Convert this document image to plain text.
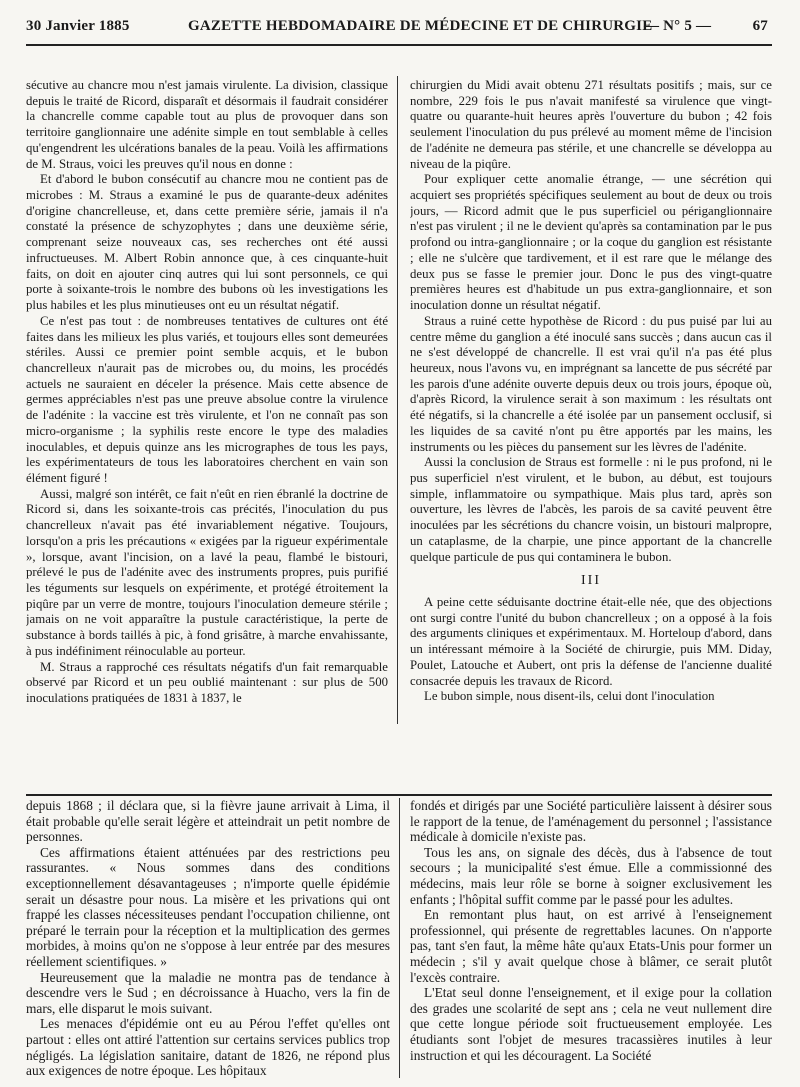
30 Janvier 1885	GAZETTE HEBDOMADAIRE DE MÉDECINE ET DE CHIRURGIE
— N° 5 —	67

sécutive au chancre mou n'est jamais virulente. La division, classique depuis le traité de Ricord, disparaît et désormais il faudrait considérer la chancrelle comme capable tout au plus de provoquer dans son territoire ganglionnaire une adénite simple en tout semblable à celles qu'engendrent les ulcérations banales de la peau. Voilà les affirmations de M. Straus, voici les preuves qu'il nous en donne :

Et d'abord le bubon consécutif au chancre mou ne contient pas de microbes : M. Straus a examiné le pus de quarante-deux adénites d'origine chancrelleuse, et, dans cette première série, jamais il n'a constaté la présence de schyzophytes ; dans une deuxième série, comprenant seize nouveaux cas, ses recherches ont été aussi infructueuses. M. Albert Robin annonce que, à ces cinquante-huit faits, on doit en ajouter cinq autres qui lui sont personnels, ce qui porte à soixante-trois le nombre des bubons où les investigations les plus habiles et les plus minutieuses ont eu un résultat négatif.

Ce n'est pas tout : de nombreuses tentatives de cultures ont été faites dans les milieux les plus variés, et toujours elles sont demeurées stériles. Aussi ce premier point semble acquis, et le bubon chancrelleux n'aurait pas de microbes ou, du moins, les procédés actuels ne sauraient en déceler la présence. Mais cette absence de germes appréciables n'est pas une preuve absolue contre la virulence de l'adénite : la vaccine est très virulente, et l'on ne connaît pas son micro-organisme ; la syphilis reste encore le type des maladies inoculables, et depuis quinze ans les micrographes de tous les pays, les expérimentateurs de tous les laboratoires cherchent en vain son élément figuré !

Aussi, malgré son intérêt, ce fait n'eût en rien ébranlé la doctrine de Ricord si, dans les soixante-trois cas précités, l'inoculation du pus chancrelleux n'avait pas été invariablement négative. Toujours, lorsqu'on a pris les précautions « exigées par la rigueur expérimentale », lorsque, avant l'incision, on a lavé la peau, flambé le bistouri, prélevé le pus de l'adénite avec des instruments propres, puis purifié les téguments sur lesquels on expérimente, et protégé étroitement la piqûre par un verre de montre, toujours l'inoculation demeure stérile ; jamais on ne voit apparaître la pustule caractéristique, la perte de substance à bords taillés à pic, à fond grisâtre, à marche envahissante, à pus indéfiniment réinoculable au porteur.

M. Straus a rapproché ces résultats négatifs d'un fait remarquable observé par Ricord et un peu oublié maintenant : sur plus de 500 inoculations pratiquées de 1831 à 1837, le

chirurgien du Midi avait obtenu 271 résultats positifs ; mais, sur ce nombre, 229 fois le pus n'avait manifesté sa virulence que vingt-quatre ou quarante-huit heures après l'ouverture du bubon ; 42 fois seulement l'inoculation du pus prélevé au moment même de l'incision de l'adénite ne demeura pas stérile, et une chancrelle se développa au niveau de la piqûre.

Pour expliquer cette anomalie étrange, — une sécrétion qui acquiert ses propriétés spécifiques seulement au bout de deux ou trois jours, — Ricord admit que le pus superficiel ou périganglionnaire n'est pas virulent ; il ne le devient qu'après sa contamination par le pus profond ou intra-ganglionnaire ; or la coque du ganglion est résistante ; elle ne s'ulcère que tardivement, et il est rare que le mélange des deux pus se fasse le premier jour. Donc le pus des vingt-quatre premières heures est d'habitude un pus extra-ganglionnaire, et son inoculation donne un résultat négatif.

Straus a ruiné cette hypothèse de Ricord : du pus puisé par lui au centre même du ganglion a été inoculé sans succès ; dans aucun cas il ne s'est développé de chancrelle. Il est vrai qu'il n'a pas été plus heureux, nous l'avons vu, en imprégnant sa lancette de pus sécrété par les parois d'une adénite ouverte depuis deux ou trois jours, époque où, d'après Ricord, la virulence serait à son maximum : les résultats ont été négatifs, si la chancrelle a été isolée par un pansement occlusif, si les liquides de sa cavité n'ont pu être apportés par les mains, les instruments ou les pièces du pansement sur les lèvres de l'adénite.

Aussi la conclusion de Straus est formelle : ni le pus profond, ni le pus superficiel n'est virulent, et le bubon, au début, est toujours simple, inflammatoire ou sympathique. Mais plus tard, après son ouverture, les lèvres de l'abcès, les parois de sa cavité peuvent être inoculées par les sécrétions du chancre voisin, un bistouri malpropre, un cataplasme, de la charpie, une pince apportant de la chancrelle quelque particule de pus qui contaminera le bubon.

III

A peine cette séduisante doctrine était-elle née, que des objections ont surgi contre l'unité du bubon chancrelleux ; on a opposé à la fois des arguments cliniques et expérimentaux. M. Horteloup d'abord, dans un intéressant mémoire à la Société de chirurgie, puis MM. Diday, Poulet, Latouche et Aubert, ont pris la défense de l'ancienne dualité consacrée depuis les travaux de Ricord.

Le bubon simple, nous disent-ils, celui dont l'inoculation

depuis 1868 ; il déclara que, si la fièvre jaune arrivait à Lima, il était probable qu'elle serait légère et atteindrait un petit nombre de personnes.

Ces affirmations étaient atténuées par des restrictions peu rassurantes. « Nous sommes dans des conditions exceptionnellement désavantageuses ; n'importe quelle épidémie serait un désastre pour nous. La misère et les privations qui ont frappé les classes nécessiteuses pendant l'occupation chilienne, ont préparé le terrain pour la réception et la multiplication des germes morbides, à moins qu'on ne s'oppose à leur entrée par des mesures réellement scientifiques. »

Heureusement que la maladie ne montra pas de tendance à descendre vers le Sud ; en décroissance à Huacho, vers la fin de mars, elle disparut le mois suivant.

Les menaces d'épidémie ont eu au Pérou l'effet qu'elles ont partout : elles ont attiré l'attention sur certains services publics trop négligés. La législation sanitaire, datant de 1826, ne répond plus aux exigences de notre époque. Les hôpitaux

fondés et dirigés par une Société particulière laissent à désirer sous le rapport de la tenue, de l'aménagement du personnel ; l'assistance médicale à domicile n'existe pas.

Tous les ans, on signale des décès, dus à l'absence de tout secours ; la municipalité s'est émue. Elle a commissionné des médecins, mais leur rôle se borne à soigner exclusivement les enfants ; l'hôpital suffit comme par le passé pour les adultes.

En remontant plus haut, on est arrivé à l'enseignement professionnel, qui présente de regrettables lacunes. On n'apporte pas, tant s'en faut, la même hâte qu'aux Etats-Unis pour former un médecin ; s'il y avait quelque chose à blâmer, ce serait plutôt l'excès contraire.

L'Etat seul donne l'enseignement, et il exige pour la collation des grades une scolarité de sept ans ; cela ne veut nullement dire que cette longue période soit fructueusement employée. Les étudiants sont l'objet de mesures tracassières inutiles à leur instruction et qui les découragent. La Société
